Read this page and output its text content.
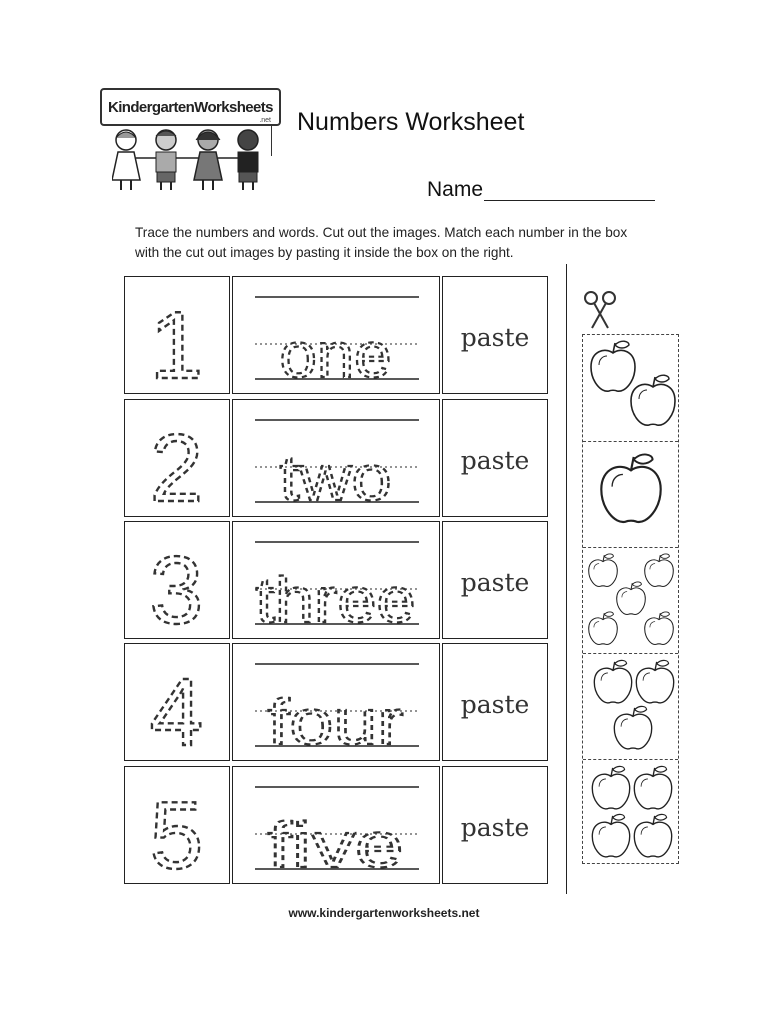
KindergartenWorksheets
.net Numbers Worksheet
Name
Trace the numbers and words. Cut out the images. Match each number in the box with the cut out images by pasting it inside the box on the right.
1 one	paste
2 two	paste
3 three	paste
4 four	paste
5 five	paste
www.kindergartenworksheets.net
